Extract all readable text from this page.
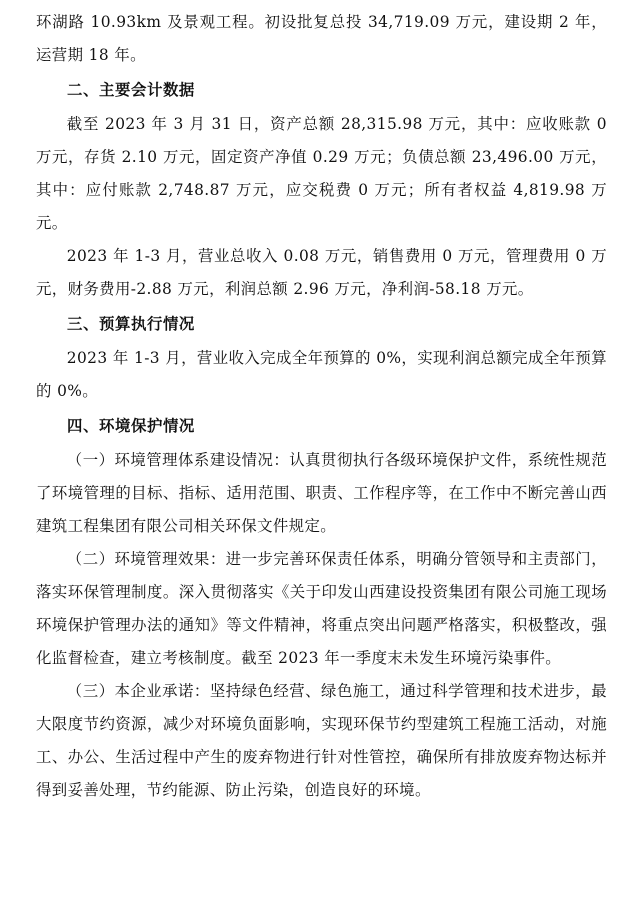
环湖路 10.93km 及景观工程。初设批复总投 34,719.09 万元，建设期 2 年，运营期 18 年。

二、主要会计数据

截至 2023 年 3 月 31 日，资产总额 28,315.98 万元，其中：应收账款 0 万元，存货 2.10 万元，固定资产净值 0.29 万元；负债总额 23,496.00 万元，其中：应付账款 2,748.87 万元，应交税费 0 万元；所有者权益 4,819.98 万元。

2023 年 1-3 月，营业总收入 0.08 万元，销售费用 0 万元，管理费用 0 万元，财务费用-2.88 万元，利润总额 2.96 万元，净利润-58.18 万元。

三、预算执行情况

2023 年 1-3 月，营业收入完成全年预算的 0%，实现利润总额完成全年预算的 0%。

四、环境保护情况

（一）环境管理体系建设情况：认真贯彻执行各级环境保护文件，系统性规范了环境管理的目标、指标、适用范围、职责、工作程序等，在工作中不断完善山西建筑工程集团有限公司相关环保文件规定。

（二）环境管理效果：进一步完善环保责任体系，明确分管领导和主责部门，落实环保管理制度。深入贯彻落实《关于印发山西建设投资集团有限公司施工现场环境保护管理办法的通知》等文件精神，将重点突出问题严格落实，积极整改，强化监督检查，建立考核制度。截至 2023 年一季度末未发生环境污染事件。

（三）本企业承诺：坚持绿色经营、绿色施工，通过科学管理和技术进步，最大限度节约资源，减少对环境负面影响，实现环保节约型建筑工程施工活动，对施工、办公、生活过程中产生的废弃物进行针对性管控，确保所有排放废弃物达标并得到妥善处理，节约能源、防止污染，创造良好的环境。
